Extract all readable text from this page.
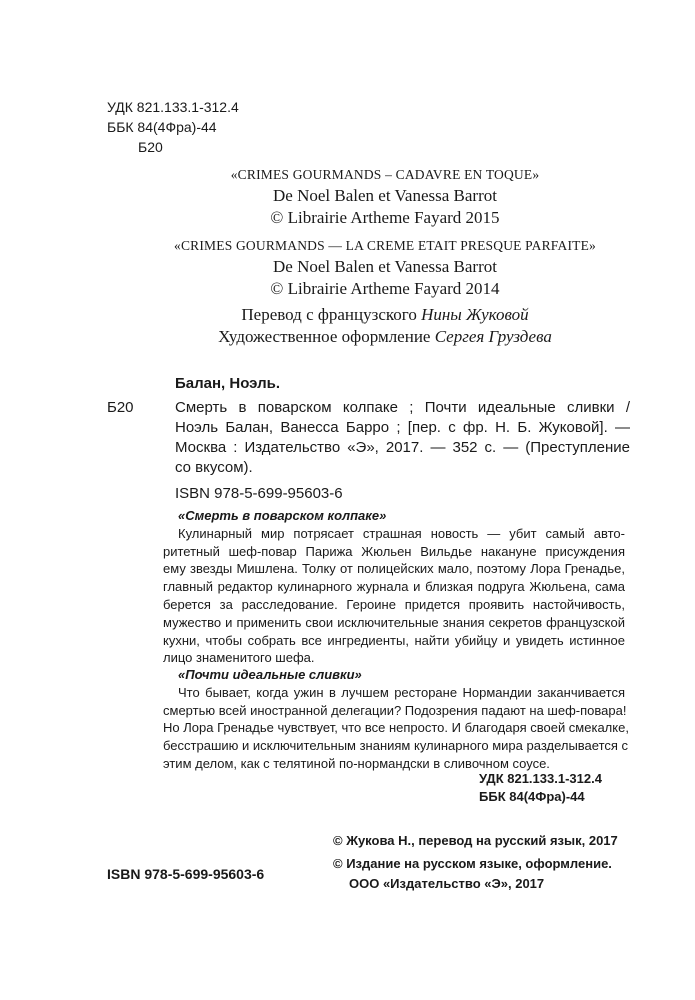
УДК 821.133.1-312.4
ББК 84(4Фра)-44
Б20
«CRIMES GOURMANDS – CADAVRE EN TOQUE»
De Noel Balen et Vanessa Barrot
© Librairie Artheme Fayard 2015
«CRIMES GOURMANDS — LA CREME ETAIT PRESQUE PARFAITE»
De Noel Balen et Vanessa Barrot
© Librairie Artheme Fayard 2014
Перевод с французского Нины Жуковой
Художественное оформление Сергея Груздева
Балан, Ноэль.
Б20	Смерть в поварском колпаке ; Почти идеальные сливки /
Ноэль Балан, Ванесса Барро ; [пер. с фр. Н. Б. Жуковой]. —
Москва : Издательство «Э», 2017. — 352 с. — (Преступление
со вкусом).
ISBN 978-5-699-95603-6
«Смерть в поварском колпаке»
Кулинарный мир потрясает страшная новость — убит самый авто-
ритетный шеф-повар Парижа Жюльен Вильдье накануне присуждения
ему звезды Мишлена. Толку от полицейских мало, поэтому Лора Гренадье,
главный редактор кулинарного журнала и близкая подруга Жюльена, сама
берется за расследование. Героине придется проявить настойчивость,
мужество и применить свои исключительные знания секретов французской
кухни, чтобы собрать все ингредиенты, найти убийцу и увидеть истинное
лицо знаменитого шефа.
«Почти идеальные сливки»
Что бывает, когда ужин в лучшем ресторане Нормандии заканчивается
смертью всей иностранной делегации? Подозрения падают на шеф-повара!
Но Лора Гренадье чувствует, что все непросто. И благодаря своей смекалке,
бесстрашию и исключительным знаниям кулинарного мира разделывается с
этим делом, как с телятиной по-нормандски в сливочном соусе.
УДК 821.133.1-312.4
ББК 84(4Фра)-44
ISBN 978-5-699-95603-6
© Жукова Н., перевод на русский язык, 2017
© Издание на русском языке, оформление.
ООО «Издательство «Э», 2017
